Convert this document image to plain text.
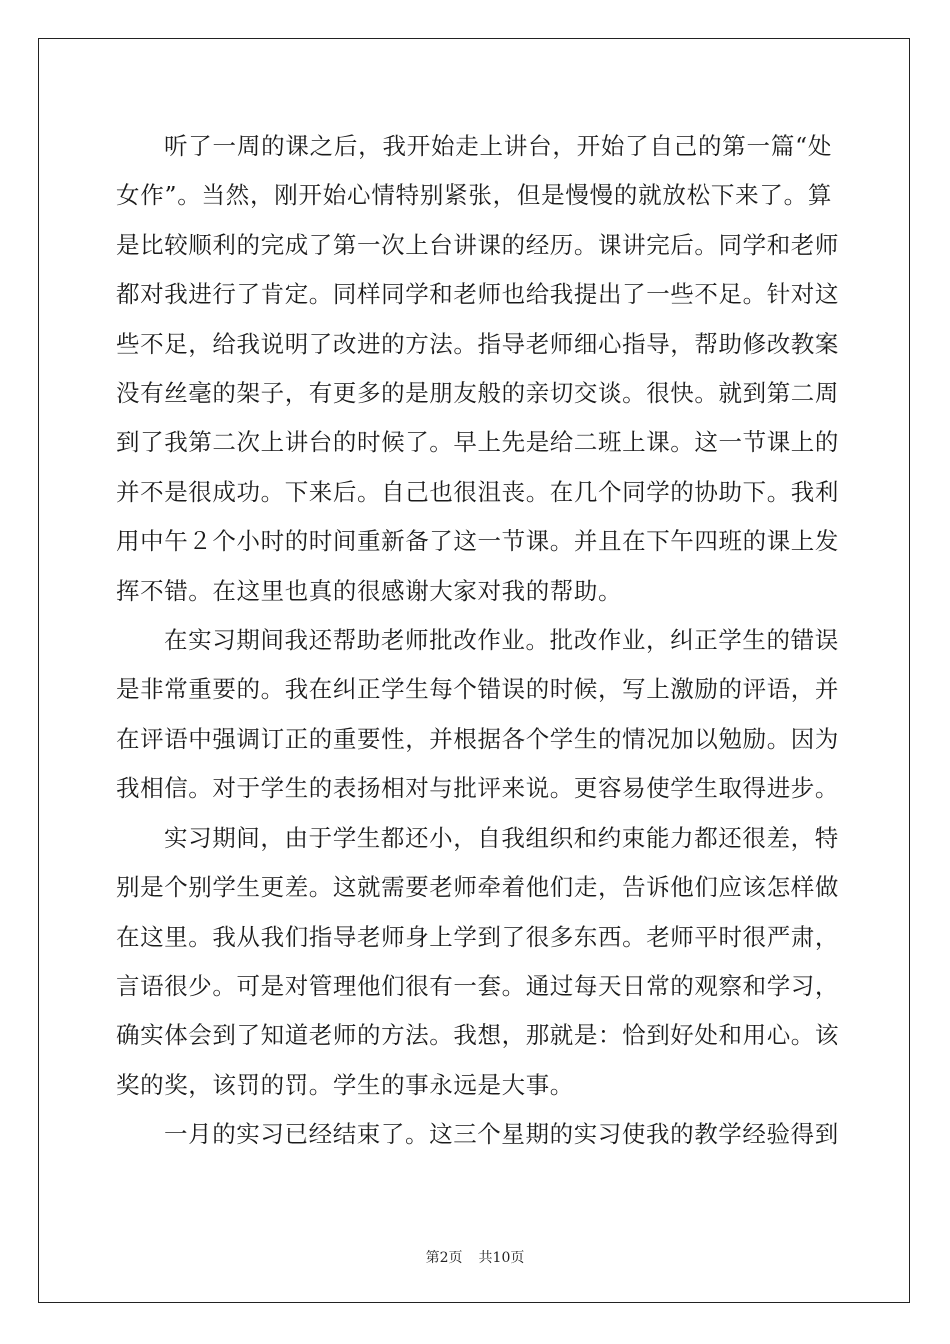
听了一周的课之后，我开始走上讲台，开始了自己的第一篇“处
女作”。当然，刚开始心情特别紧张，但是慢慢的就放松下来了。算
是比较顺利的完成了第一次上台讲课的经历。课讲完后。同学和老师
都对我进行了肯定。同样同学和老师也给我提出了一些不足。针对这
些不足，给我说明了改进的方法。指导老师细心指导，帮助修改教案
没有丝毫的架子，有更多的是朋友般的亲切交谈。很快。就到第二周
到了我第二次上讲台的时候了。早上先是给二班上课。这一节课上的
并不是很成功。下来后。自己也很沮丧。在几个同学的协助下。我利
用中午２个小时的时间重新备了这一节课。并且在下午四班的课上发
挥不错。在这里也真的很感谢大家对我的帮助。

在实习期间我还帮助老师批改作业。批改作业，纠正学生的错误
是非常重要的。我在纠正学生每个错误的时候，写上激励的评语，并
在评语中强调订正的重要性，并根据各个学生的情况加以勉励。因为
我相信。对于学生的表扬相对与批评来说。更容易使学生取得进步。

实习期间，由于学生都还小，自我组织和约束能力都还很差，特
别是个别学生更差。这就需要老师牵着他们走，告诉他们应该怎样做
在这里。我从我们指导老师身上学到了很多东西。老师平时很严肃，
言语很少。可是对管理他们很有一套。通过每天日常的观察和学习，
确实体会到了知道老师的方法。我想，那就是：恰到好处和用心。该
奖的奖，该罚的罚。学生的事永远是大事。

一月的实习已经结束了。这三个星期的实习使我的教学经验得到

第2页 共10页
